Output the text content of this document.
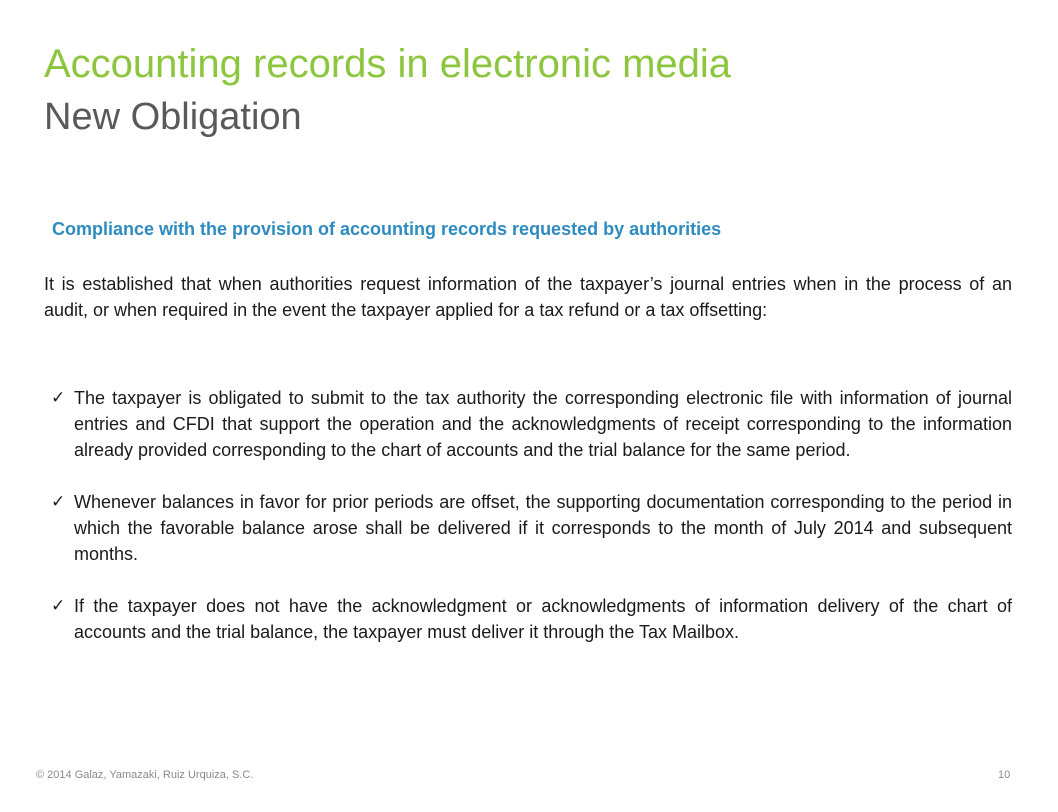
Accounting records in electronic media
New Obligation
Compliance with the provision of accounting records requested by authorities

It is established that when authorities request information of the taxpayer’s journal entries when in the process of an audit, or when required in the event the taxpayer applied for a tax refund or a tax offsetting:

✓ The taxpayer is obligated to submit to the tax authority the corresponding electronic file with information of journal entries and CFDI that support the operation and the acknowledgments of receipt corresponding to the information already provided corresponding to the chart of accounts and the trial balance for the same period.
✓ Whenever balances in favor for prior periods are offset, the supporting documentation corresponding to the period in which the favorable balance arose shall be delivered if it corresponds to the month of July 2014 and subsequent months.
✓ If the taxpayer does not have the acknowledgment or acknowledgments of information delivery of the chart of accounts and the trial balance, the taxpayer must deliver it through the Tax Mailbox.
© 2014 Galaz, Yamazaki, Ruiz Urquiza, S.C.	10
